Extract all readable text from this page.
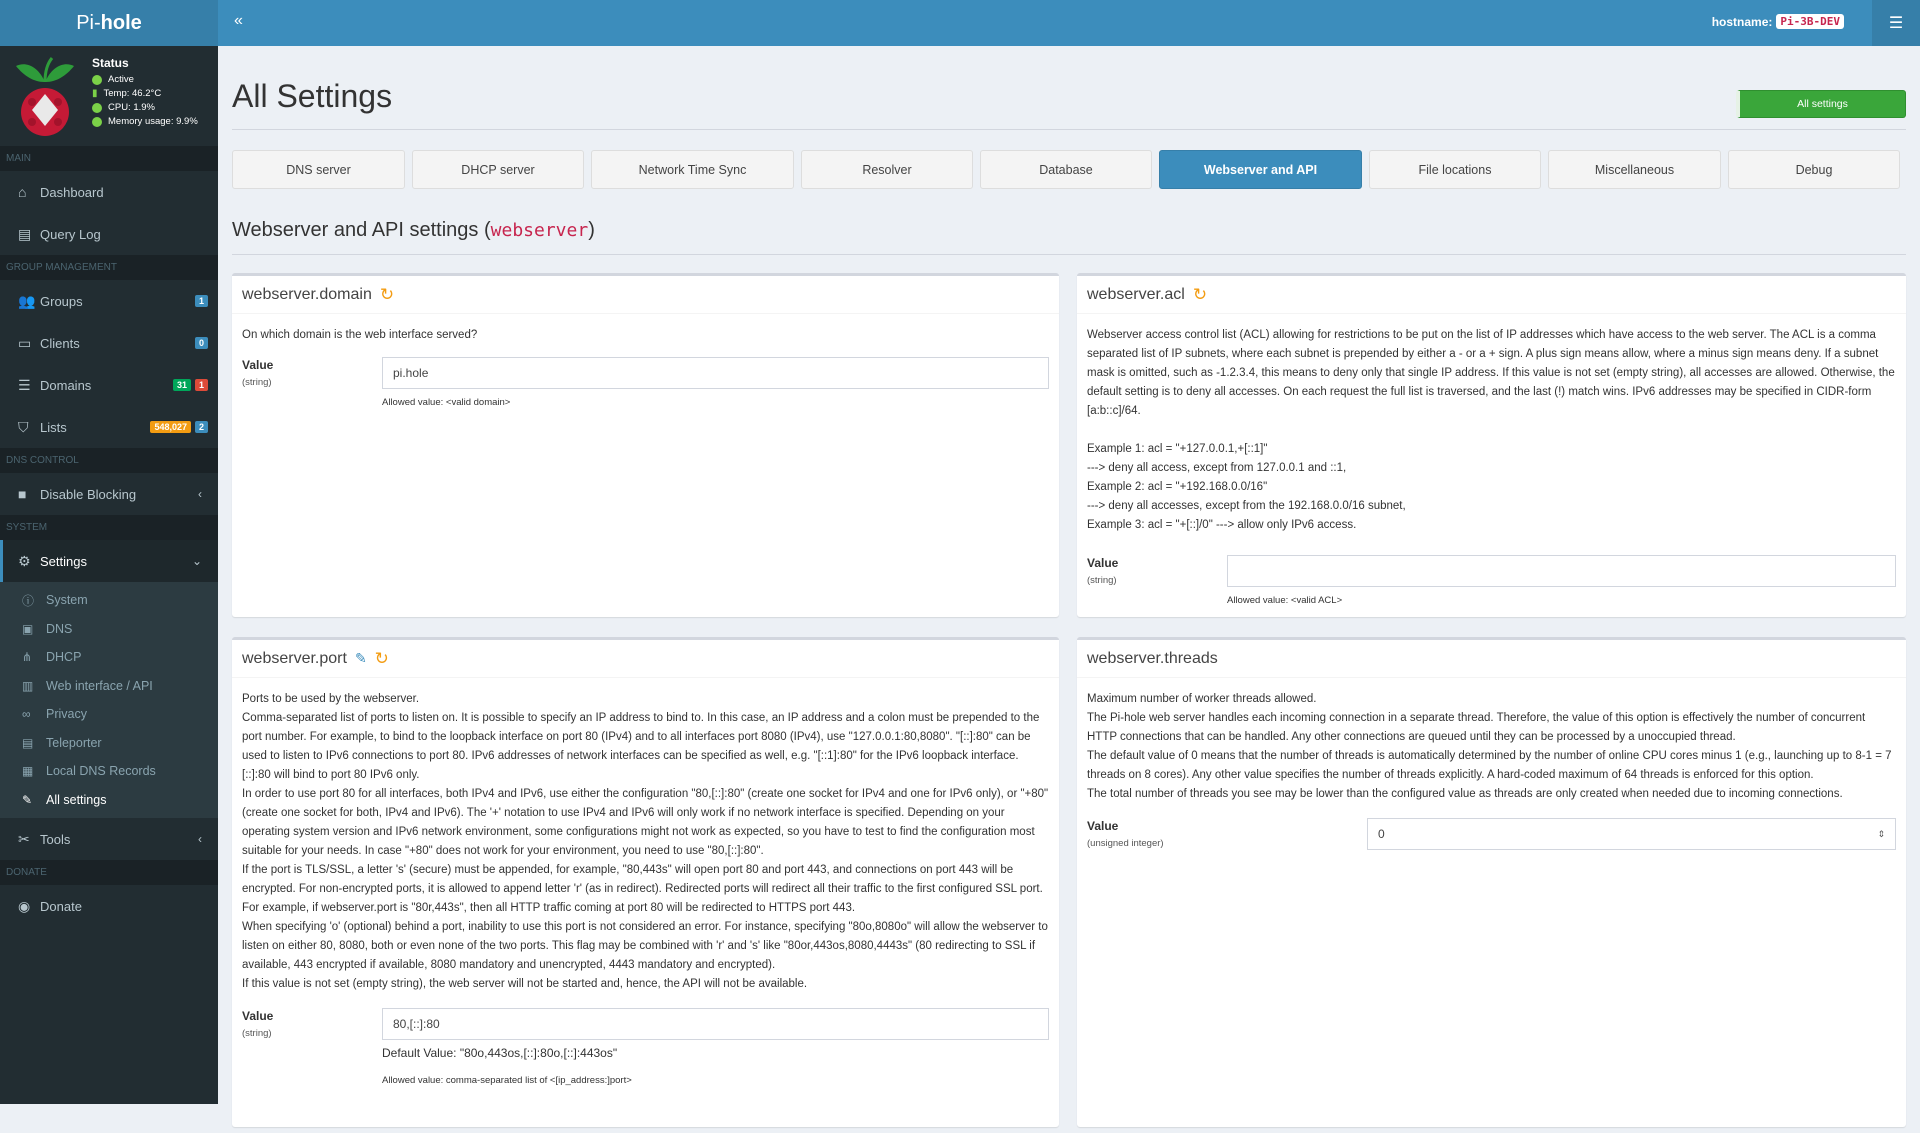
Pi- hole
Status
Active
▮ Temp: 46.2°C
CPU: 1.9%
Memory usage: 9.9%
MAIN
⌂	Dashboard
▤ Query Log
GROUP MANAGEMENT
👥 Groups	1
▭ Clients	0
☰ Domains	31	1
⛉ Lists	548,027	2
DNS CONTROL
■	Disable Blocking	‹
SYSTEM
⚙ Settings	⌄
ⓘ System
▣	DNS
⋔	DHCP
▥	Web interface / API
∞	Privacy
▤	Teleporter
▦	Local DNS Records
✎	All settings
✂ Tools	‹
DONATE
◉ Donate
«	hostname: Pi-3B-DEV	☰
All Settings	All settings
DNS server	DHCP server	Network Time Sync	Resolver	Database	Webserver and API	File locations	Miscellaneous	Debug
Webserver and API settings (webserver)
webserver.domain ↻

On which domain is the web interface served?

Value
(string)
pi.hole
Allowed value: <valid domain>
webserver.acl ↻

Webserver access control list (ACL) allowing for restrictions to be put on the list of IP addresses which have access to the web server. The ACL is a comma separated list of IP subnets, where each subnet is prepended by either a - or a + sign. A plus sign means allow, where a minus sign means deny. If a subnet mask is omitted, such as -1.2.3.4, this means to deny only that single IP address. If this value is not set (empty string), all accesses are allowed. Otherwise, the default setting is to deny all accesses. On each request the full list is traversed, and the last (!) match wins. IPv6 addresses may be specified in CIDR-form [a:b::c]/64.

Example 1: acl = "+127.0.0.1,+[::1]"

---> deny all access, except from 127.0.0.1 and ::1,

Example 2: acl = "+192.168.0.0/16"

---> deny all accesses, except from the 192.168.0.0/16 subnet,

Example 3: acl = "+[::]/0" ---> allow only IPv6 access.

Value
(string)
Allowed value: <valid ACL>
webserver.port ✎ ↻

Ports to be used by the webserver.

Comma-separated list of ports to listen on. It is possible to specify an IP address to bind to. In this case, an IP address and a colon must be prepended to the port number. For example, to bind to the loopback interface on port 80 (IPv4) and to all interfaces port 8080 (IPv4), use "127.0.0.1:80,8080". "[::]:80" can be used to listen to IPv6 connections to port 80. IPv6 addresses of network interfaces can be specified as well, e.g. "[::1]:80" for the IPv6 loopback interface. [::]:80 will bind to port 80 IPv6 only.

In order to use port 80 for all interfaces, both IPv4 and IPv6, use either the configuration "80,[::]:80" (create one socket for IPv4 and one for IPv6 only), or "+80" (create one socket for both, IPv4 and IPv6). The '+' notation to use IPv4 and IPv6 will only work if no network interface is specified. Depending on your operating system version and IPv6 network environment, some configurations might not work as expected, so you have to test to find the configuration most suitable for your needs. In case "+80" does not work for your environment, you need to use "80,[::]:80".

If the port is TLS/SSL, a letter 's' (secure) must be appended, for example, "80,443s" will open port 80 and port 443, and connections on port 443 will be encrypted. For non-encrypted ports, it is allowed to append letter 'r' (as in redirect). Redirected ports will redirect all their traffic to the first configured SSL port. For example, if webserver.port is "80r,443s", then all HTTP traffic coming at port 80 will be redirected to HTTPS port 443.

When specifying 'o' (optional) behind a port, inability to use this port is not considered an error. For instance, specifying "80o,8080o" will allow the webserver to listen on either 80, 8080, both or even none of the two ports. This flag may be combined with 'r' and 's' like "80or,443os,8080,4443s" (80 redirecting to SSL if available, 443 encrypted if available, 8080 mandatory and unencrypted, 4443 mandatory and encrypted).

If this value is not set (empty string), the web server will not be started and, hence, the API will not be available.

Value
(string)
80,[::]:80
Default Value: "80o,443os,[::]:80o,[::]:443os"
Allowed value: comma-separated list of <[ip_address:]port>
webserver.threads

Maximum number of worker threads allowed.

The Pi-hole web server handles each incoming connection in a separate thread. Therefore, the value of this option is effectively the number of concurrent HTTP connections that can be handled. Any other connections are queued until they can be processed by a unoccupied thread.

The default value of 0 means that the number of threads is automatically determined by the number of online CPU cores minus 1 (e.g., launching up to 8-1 = 7 threads on 8 cores). Any other value specifies the number of threads explicitly. A hard-coded maximum of 64 threads is enforced for this option.

The total number of threads you see may be lower than the configured value as threads are only created when needed due to incoming connections.

Value
(unsigned integer)
0	⇕
